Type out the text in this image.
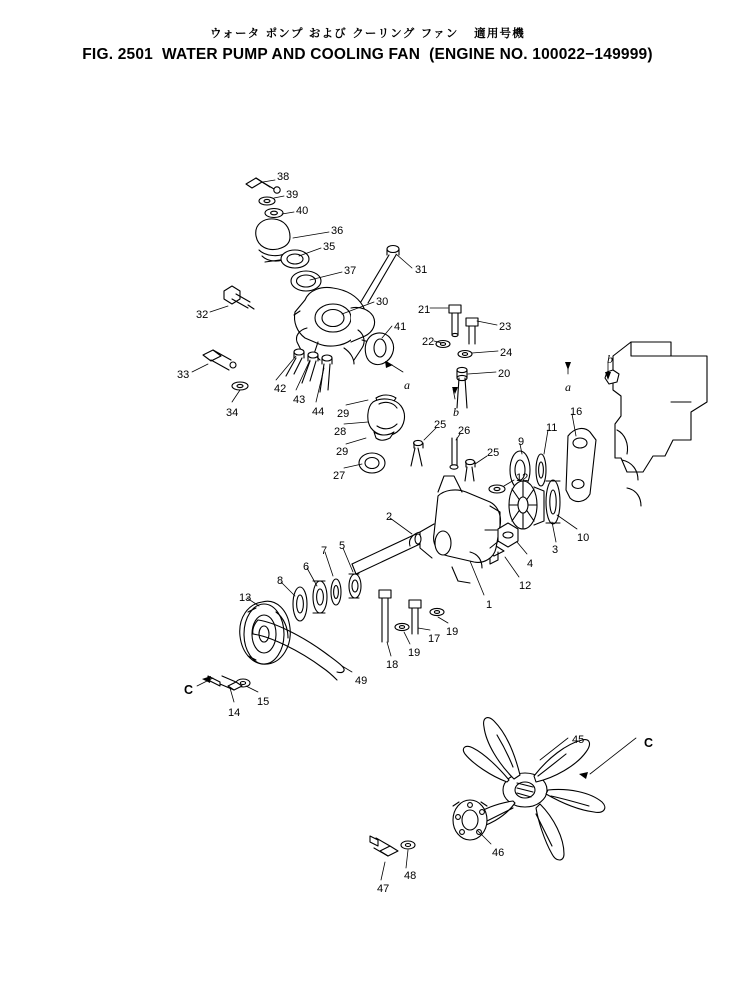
ウォータ ポンプ および クーリング ファン   適用号機
FIG. 2501  WATER PUMP AND COOLING FAN  (ENGINE NO. 100022−149999)
38
39
40
36
35
37	31
32
30
21
23
41
22
24
33	20
34
42
43
44 29
28
29
27
25 26
25
9
11
16
12
3
10
4
12
1
2
7 5
6
8
13
18
19
17
19
49
14
15
45
46
47
48
a
b
a
b
C
C
